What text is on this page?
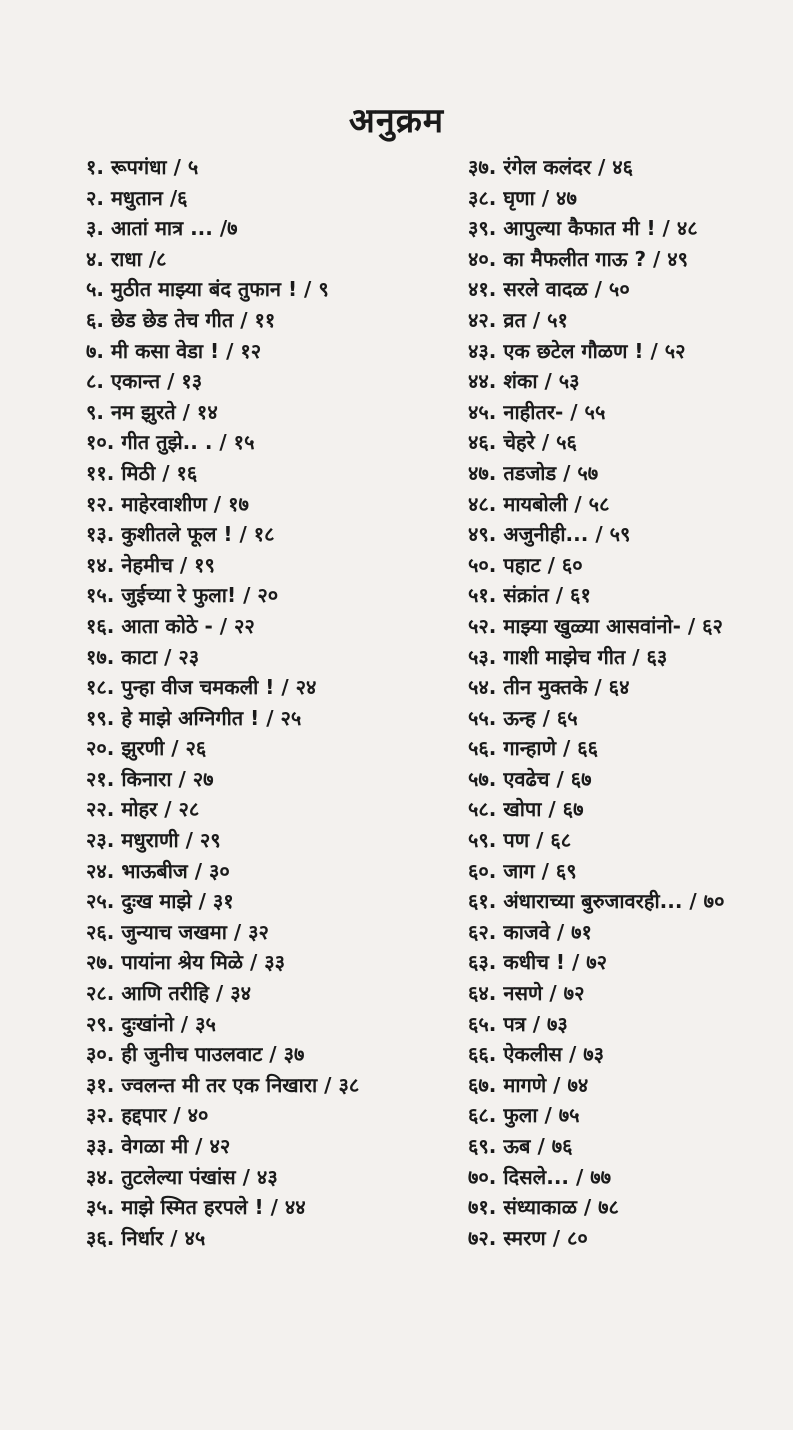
अनुक्रम
१. रूपगंधा / ५
२. मधुतान /६
३. आतां मात्र ... /७
४. राधा /८
५. मुठीत माझ्या बंद तुफान ! / ९
६. छेड छेड तेच गीत / ११
७. मी कसा वेडा ! / १२
८. एकान्त / १३
९. नम झुरते / १४
१०. गीत तुझे.. . / १५
११. मिठी / १६
१२. माहेरवाशीण / १७
१३. कुशीतले फूल ! / १८
१४. नेहमीच / १९
१५. जुईच्या रे फुला! / २०
१६. आता कोठे - / २२
१७. काटा / २३
१८. पुन्हा वीज चमकली ! / २४
१९. हे माझे अग्निगीत ! / २५
२०. झुरणी / २६
२१. किनारा / २७
२२. मोहर / २८
२३. मधुराणी / २९
२४. भाऊबीज / ३०
२५. दुःख माझे / ३१
२६. जुन्याच जखमा / ३२
२७. पायांना श्रेय मिळे / ३३
२८. आणि तरीहि / ३४
२९. दुःखांनो / ३५
३०. ही जुनीच पाउलवाट / ३७
३१. ज्वलन्त मी तर एक निखारा / ३८
३२. हद्दपार / ४०
३३. वेगळा मी / ४२
३४. तुटलेल्या पंखांस / ४३
३५. माझे स्मित हरपले ! / ४४
३६. निर्धार / ४५
३७. रंगेल कलंदर / ४६
३८. घृणा / ४७
३९. आपुल्या कैफात मी ! / ४८
४०. का मैफलीत गाऊ ? / ४९
४१. सरले वादळ / ५०
४२. व्रत / ५१
४३. एक छटेल गौळण ! / ५२
४४. शंका / ५३
४५. नाहीतर- / ५५
४६. चेहरे / ५६
४७. तडजोड / ५७
४८. मायबोली / ५८
४९. अजुनीही... / ५९
५०. पहाट / ६०
५१. संक्रांत / ६१
५२. माझ्या खुळ्या आसवांनो- / ६२
५३. गाशी माझेच गीत / ६३
५४. तीन मुक्तके / ६४
५५. ऊन्ह / ६५
५६. गान्हाणे / ६६
५७. एवढेच / ६७
५८. खोपा / ६७
५९. पण / ६८
६०. जाग / ६९
६१. अंधाराच्या बुरुजावरही... / ७०
६२. काजवे / ७१
६३. कधीच ! / ७२
६४. नसणे / ७२
६५. पत्र / ७३
६६. ऐकलीस / ७३
६७. मागणे / ७४
६८. फुला / ७५
६९. ऊब / ७६
७०. दिसले... / ७७
७१. संध्याकाळ / ७८
७२. स्मरण / ८०
